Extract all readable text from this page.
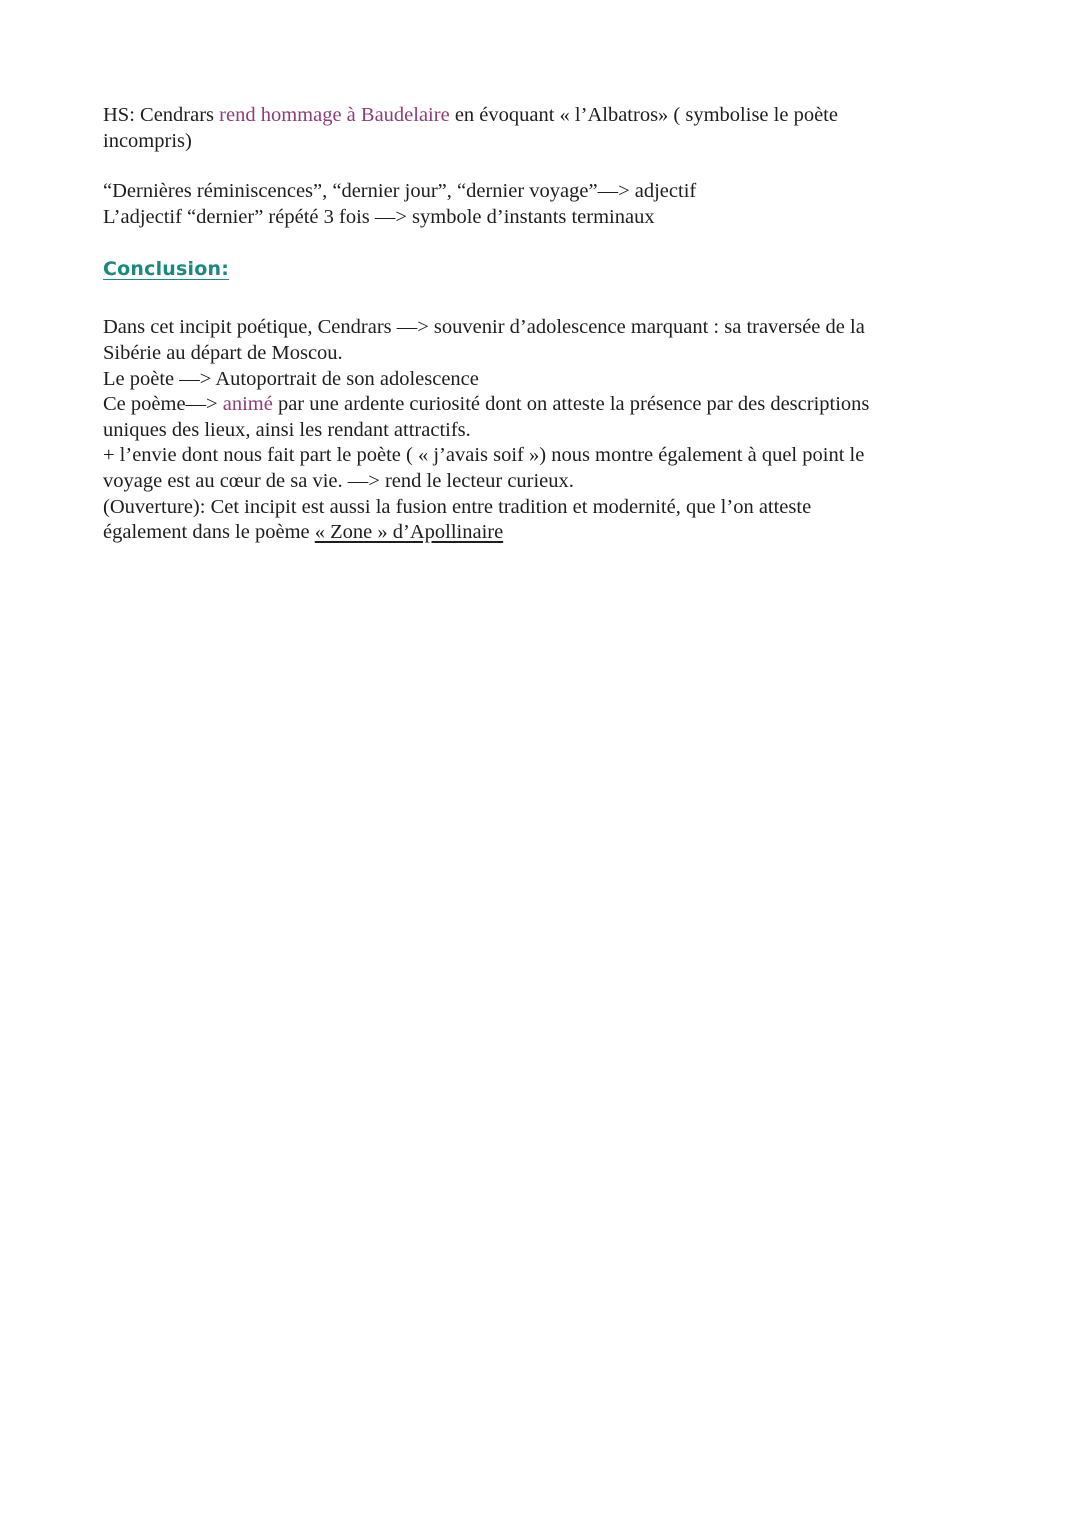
HS: Cendrars rend hommage à Baudelaire en évoquant « l’Albatros» ( symbolise le poète
incompris)

“Dernières réminiscences”, “dernier jour”, “dernier voyage”—> adjectif
L’adjectif “dernier” répété 3 fois —> symbole d’instants terminaux

Conclusion:

Dans cet incipit poétique, Cendrars —> souvenir d’adolescence marquant : sa traversée de la
Sibérie au départ de Moscou.
Le poète —> Autoportrait de son adolescence
Ce poème—> animé par une ardente curiosité dont on atteste la présence par des descriptions
uniques des lieux, ainsi les rendant attractifs.
+ l’envie dont nous fait part le poète ( « j’avais soif ») nous montre également à quel point le
voyage est au cœur de sa vie. —> rend le lecteur curieux.
(Ouverture): Cet incipit est aussi la fusion entre tradition et modernité, que l’on atteste
également dans le poème « Zone » d’Apollinaire
